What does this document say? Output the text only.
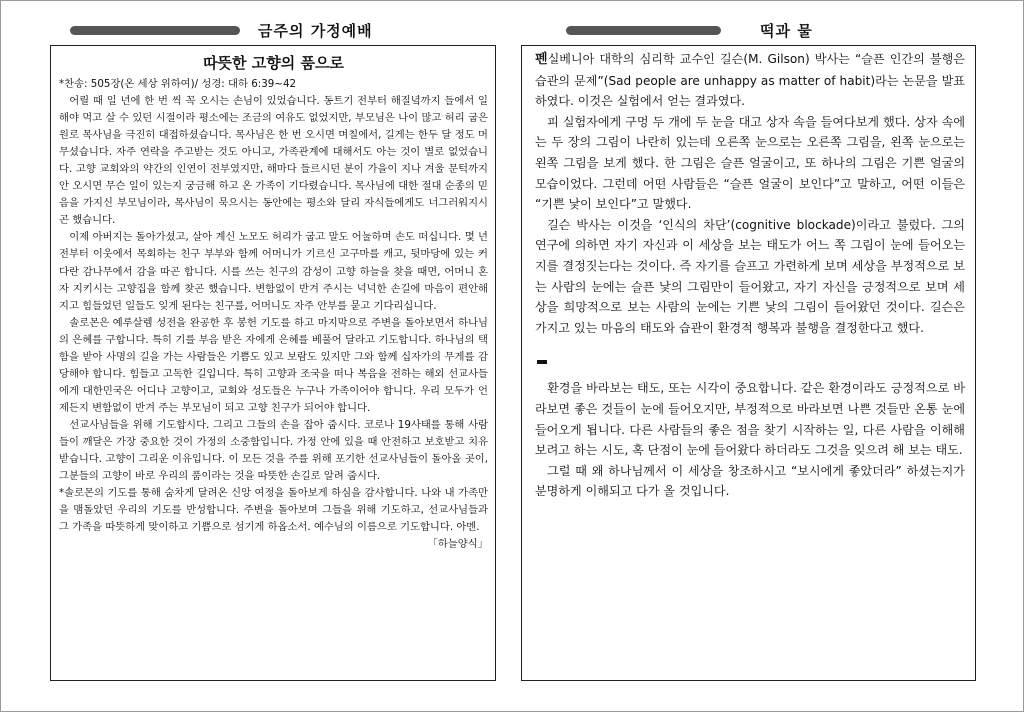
금주의 가정예배	떡과 물
따뜻한 고향의 품으로
*찬송: 505장(온 세상 위하여)/ 성경: 대하 6:39~42
어릴 때 일 년에 한 번 씩 꼭 오시는 손님이 있었습니다. 동트기 전부터 해질녘까지 들에서 일해야 먹고 살 수 있던 시절이라 평소에는 조금의 여유도 없었지만, 부모님은 나이 많고 허리 굽은 원로 목사님을 극진히 대접하셨습니다. 목사님은 한 번 오시면 며칠에서, 길게는 한두 달 정도 머무셨습니다. 자주 연락을 주고받는 것도 아니고, 가족관계에 대해서도 아는 것이 별로 없었습니다. 고향 교회와의 약간의 인연이 전부였지만, 해마다 들르시던 분이 가을이 지나 겨울 문턱까지 안 오시면 무슨 일이 있는지 궁금해 하고 온 가족이 기다렸습니다. 목사님에 대한 절대 순종의 믿음을 가지신 부모님이라, 목사님이 묵으시는 동안에는 평소와 달리 자식들에게도 너그러워지시곤 했습니다.
이제 아버지는 돌아가셨고, 살아 계신 노모도 허리가 굽고 말도 어눌하며 손도 떠십니다. 몇 년 전부터 이웃에서 목회하는 친구 부부와 함께 어머니가 기르신 고구마를 캐고, 뒷마당에 있는 커다란 감나무에서 감을 따곤 합니다. 시를 쓰는 친구의 감성이 고향 하늘을 찾을 때면, 어머니 혼자 지키시는 고향집을 함께 찾곤 했습니다. 변함없이 반겨 주시는 넉넉한 손길에 마음이 편안해지고 힘들었던 일들도 잊게 된다는 친구를, 어머니도 자주 안부를 묻고 기다리십니다.
솔로몬은 예루살렘 성전을 완공한 후 봉헌 기도를 하고 마지막으로 주변을 돌아보면서 하나님의 은혜를 구합니다. 특히 기를 부음 받은 자에게 은혜를 베풀어 달라고 기도합니다. 하나님의 택함을 받아 사명의 길을 가는 사람들은 기쁨도 있고 보람도 있지만 그와 함께 십자가의 무게를 감당해야 합니다. 힘들고 고독한 길입니다. 특히 고향과 조국을 떠나 복음을 전하는 해외 선교사들에게 대한민국은 어디나 고향이고, 교회와 성도들은 누구나 가족이어야 합니다. 우리 모두가 언제든지 변함없이 반겨 주는 부모님이 되고 고향 친구가 되어야 합니다.
선교사님들을 위해 기도합시다. 그리고 그들의 손을 잡아 줍시다. 코로나 19사태를 통해 사람들이 깨달은 가장 중요한 것이 가정의 소중함입니다. 가정 안에 있을 때 안전하고 보호받고 치유 받습니다. 고향이 그리운 이유입니다. 이 모든 것을 주를 위해 포기한 선교사님들이 돌아올 곳이, 그분들의 고향이 바로 우리의 품이라는 것을 따뜻한 손길로 알려 줍시다.
*솔로몬의 기도를 통해 숨차게 달려온 신앙 여정을 돌아보게 하심을 감사합니다. 나와 내 가족만을 맴돌았던 우리의 기도를 반성합니다. 주변을 돌아보며 그들을 위해 기도하고, 선교사님들과 그 가족을 따뜻하게 맞이하고 기쁨으로 섬기게 하옵소서. 예수님의 이름으로 기도합니다. 아멘.
「하늘양식」
펜실베니아 대학의 심리학 교수인 길슨(M. Gilson) 박사는 “슬픈 인간의 불행은 습관의 문제”(Sad people are unhappy as matter of habit)라는 논문을 발표하였다. 이것은 실험에서 얻는 결과였다.
피 실험자에게 구멍 두 개에 두 눈을 대고 상자 속을 들여다보게 했다. 상자 속에는 두 장의 그림이 나란히 있는데 오른쪽 눈으로는 오른쪽 그림을, 왼쪽 눈으로는 왼쪽 그림을 보게 했다. 한 그림은 슬픈 얼굴이고, 또 하나의 그림은 기쁜 얼굴의 모습이었다. 그런데 어떤 사람들은 “슬픈 얼굴이 보인다”고 말하고, 어떤 이들은 “기쁜 낯이 보인다”고 말했다.
길슨 박사는 이것을 ‘인식의 차단’(cognitive blockade)이라고 불렀다. 그의 연구에 의하면 자기 자신과 이 세상을 보는 태도가 어느 쪽 그림이 눈에 들어오는지를 결정짓는다는 것이다. 즉 자기를 슬프고 가련하게 보며 세상을 부정적으로 보는 사람의 눈에는 슬픈 낯의 그림만이 들어왔고, 자기 자신을 긍정적으로 보며 세상을 희망적으로 보는 사람의 눈에는 기쁜 낯의 그림이 들어왔던 것이다. 길슨은 가지고 있는 마음의 태도와 습관이 환경적 행복과 불행을 결정한다고 했다.
환경을 바라보는 태도, 또는 시각이 중요합니다. 같은 환경이라도 긍정적으로 바라보면 좋은 것들이 눈에 들어오지만, 부정적으로 바라보면 나쁜 것들만 온통 눈에 들어오게 됩니다. 다른 사람들의 좋은 점을 찾기 시작하는 일, 다른 사람을 이해해 보려고 하는 시도, 혹 단점이 눈에 들어왔다 하더라도 그것을 잊으려 해 보는 태도.
그럴 때 왜 하나님께서 이 세상을 창조하시고 “보시에게 좋았더라” 하셨는지가 분명하게 이해되고 다가 올 것입니다.
